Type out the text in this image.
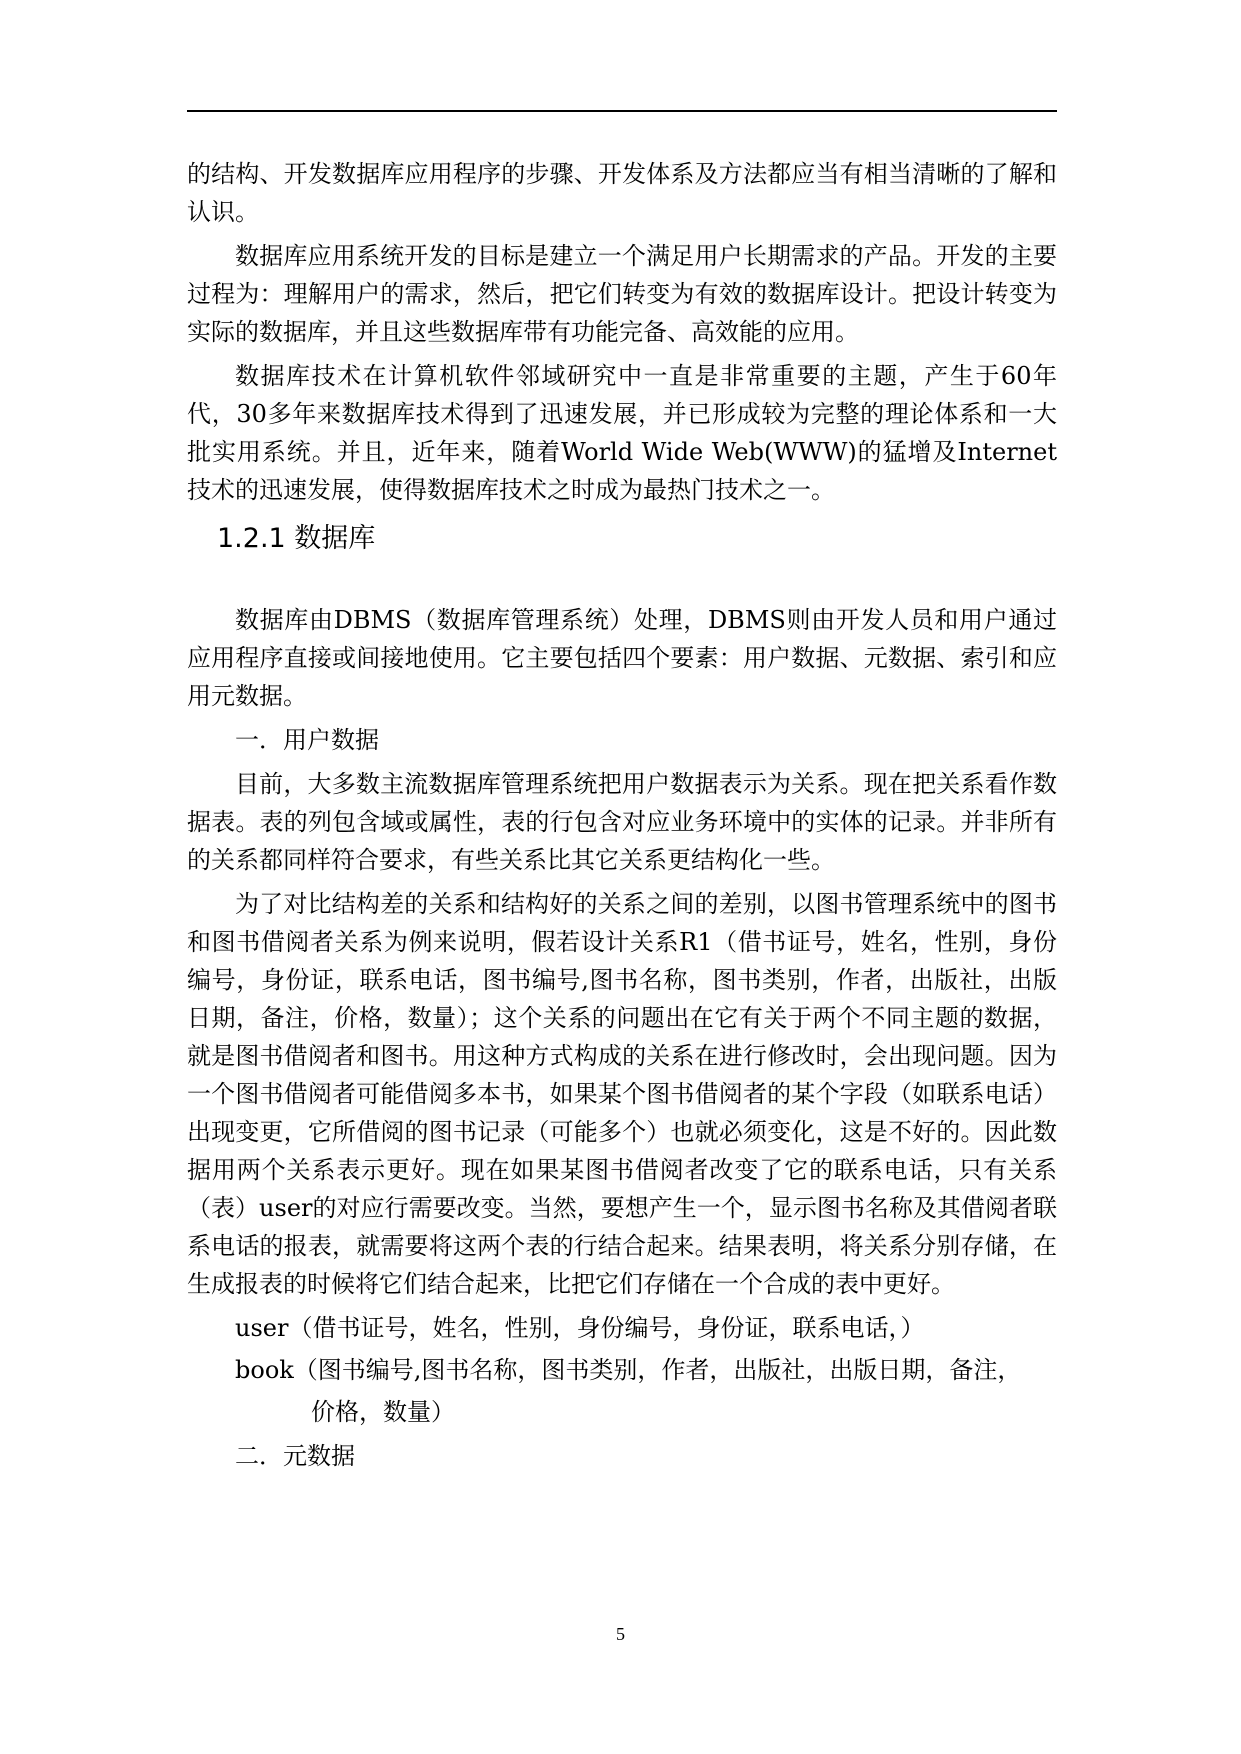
的结构、开发数据库应用程序的步骤、开发体系及方法都应当有相当清晰的了解和认识。

数据库应用系统开发的目标是建立一个满足用户长期需求的产品。开发的主要过程为：理解用户的需求，然后，把它们转变为有效的数据库设计。把设计转变为实际的数据库，并且这些数据库带有功能完备、高效能的应用。

数据库技术在计算机软件邻域研究中一直是非常重要的主题，产生于60年代，30多年来数据库技术得到了迅速发展，并已形成较为完整的理论体系和一大批实用系统。并且，近年来，随着World Wide Web(WWW)的猛增及Internet技术的迅速发展，使得数据库技术之时成为最热门技术之一。

1.2.1 数据库

数据库由DBMS（数据库管理系统）处理，DBMS则由开发人员和用户通过应用程序直接或间接地使用。它主要包括四个要素：用户数据、元数据、索引和应用元数据。

一．用户数据

目前，大多数主流数据库管理系统把用户数据表示为关系。现在把关系看作数据表。表的列包含域或属性，表的行包含对应业务环境中的实体的记录。并非所有的关系都同样符合要求，有些关系比其它关系更结构化一些。

为了对比结构差的关系和结构好的关系之间的差别，以图书管理系统中的图书和图书借阅者关系为例来说明，假若设计关系R1（借书证号，姓名，性别，身份编号，身份证，联系电话，图书编号,图书名称，图书类别，作者，出版社，出版日期，备注，价格，数量）；这个关系的问题出在它有关于两个不同主题的数据，就是图书借阅者和图书。用这种方式构成的关系在进行修改时，会出现问题。因为一个图书借阅者可能借阅多本书，如果某个图书借阅者的某个字段（如联系电话）出现变更，它所借阅的图书记录（可能多个）也就必须变化，这是不好的。因此数据用两个关系表示更好。现在如果某图书借阅者改变了它的联系电话，只有关系（表）user的对应行需要改变。当然，要想产生一个，显示图书名称及其借阅者联系电话的报表，就需要将这两个表的行结合起来。结果表明，将关系分别存储，在生成报表的时候将它们结合起来，比把它们存储在一个合成的表中更好。

user（借书证号，姓名，性别，身份编号，身份证，联系电话，）
book（图书编号,图书名称，图书类别，作者，出版社，出版日期，备注，
价格，数量）
二．元数据
5
